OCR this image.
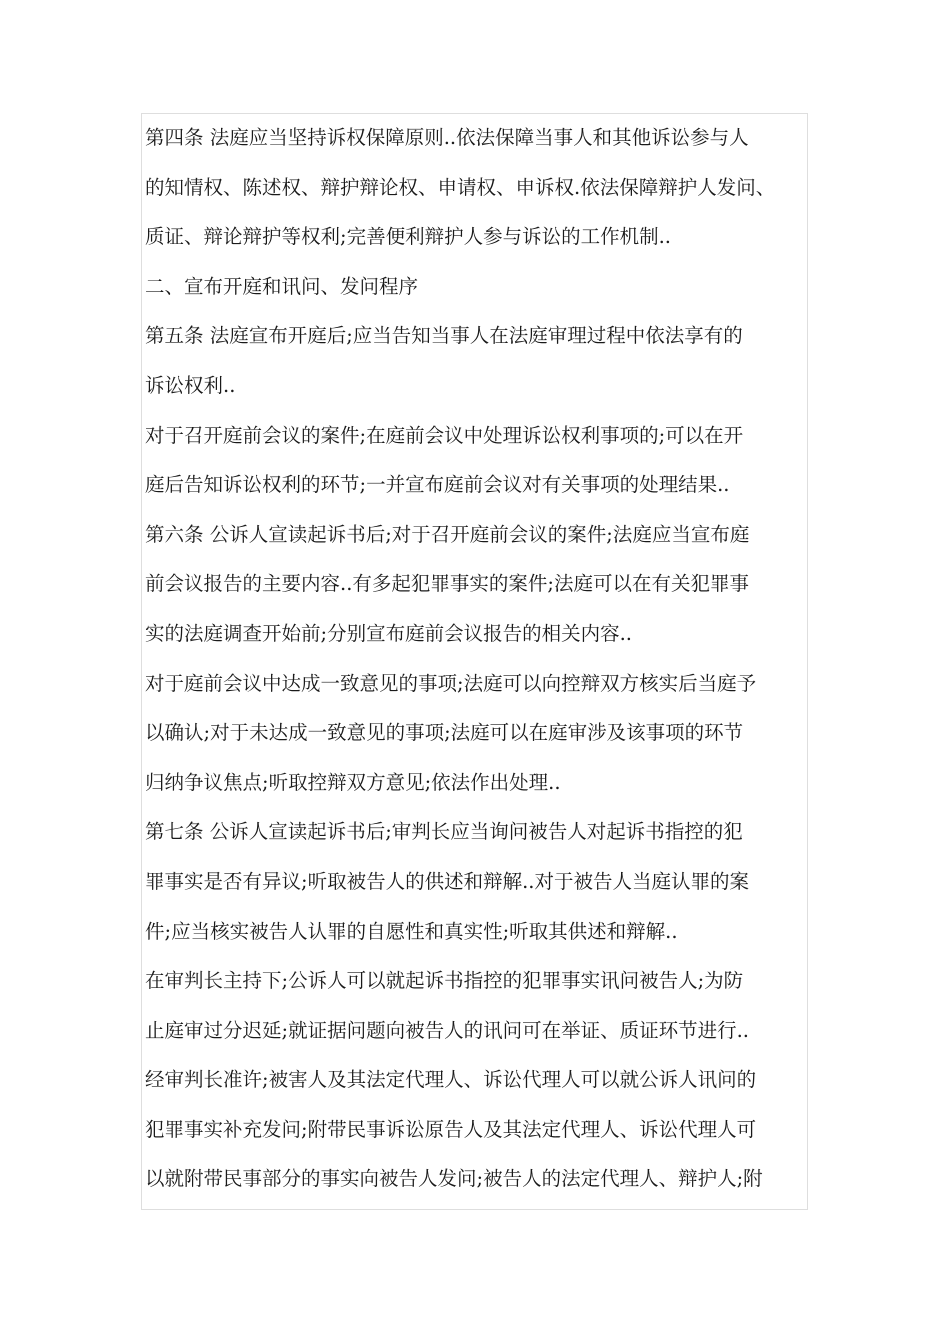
第四条 法庭应当坚持诉权保障原则..依法保障当事人和其他诉讼参与人
的知情权、陈述权、辩护辩论权、申请权、申诉权.依法保障辩护人发问、
质证、辩论辩护等权利;完善便利辩护人参与诉讼的工作机制..

二、宣布开庭和讯问、发问程序

第五条 法庭宣布开庭后;应当告知当事人在法庭审理过程中依法享有的
诉讼权利..

对于召开庭前会议的案件;在庭前会议中处理诉讼权利事项的;可以在开
庭后告知诉讼权利的环节;一并宣布庭前会议对有关事项的处理结果..

第六条 公诉人宣读起诉书后;对于召开庭前会议的案件;法庭应当宣布庭
前会议报告的主要内容..有多起犯罪事实的案件;法庭可以在有关犯罪事
实的法庭调查开始前;分别宣布庭前会议报告的相关内容..

对于庭前会议中达成一致意见的事项;法庭可以向控辩双方核实后当庭予
以确认;对于未达成一致意见的事项;法庭可以在庭审涉及该事项的环节
归纳争议焦点;听取控辩双方意见;依法作出处理..

第七条 公诉人宣读起诉书后;审判长应当询问被告人对起诉书指控的犯
罪事实是否有异议;听取被告人的供述和辩解..对于被告人当庭认罪的案
件;应当核实被告人认罪的自愿性和真实性;听取其供述和辩解..

在审判长主持下;公诉人可以就起诉书指控的犯罪事实讯问被告人;为防
止庭审过分迟延;就证据问题向被告人的讯问可在举证、质证环节进行..

经审判长准许;被害人及其法定代理人、诉讼代理人可以就公诉人讯问的
犯罪事实补充发问;附带民事诉讼原告人及其法定代理人、诉讼代理人可
以就附带民事部分的事实向被告人发问;被告人的法定代理人、辩护人;附
